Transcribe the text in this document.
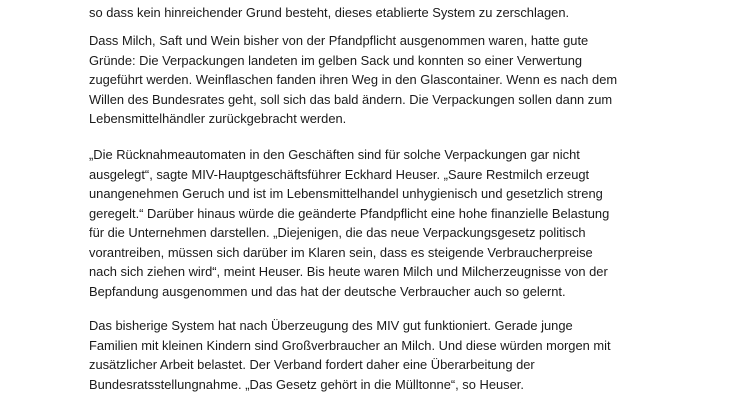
so dass kein hinreichender Grund besteht, dieses etablierte System zu zerschlagen.
Dass Milch, Saft und Wein bisher von der Pfandpflicht ausgenommen waren, hatte gute
Gründe: Die Verpackungen landeten im gelben Sack und konnten so einer Verwertung
zugeführt werden. Weinflaschen fanden ihren Weg in den Glascontainer. Wenn es nach dem
Willen des Bundesrates geht, soll sich das bald ändern. Die Verpackungen sollen dann zum
Lebensmittelhändler zurückgebracht werden.
„Die Rücknahmeautomaten in den Geschäften sind für solche Verpackungen gar nicht
ausgelegt“, sagte MIV-Hauptgeschäftsführer Eckhard Heuser. „Saure Restmilch erzeugt
unangenehmen Geruch und ist im Lebensmittelhandel unhygienisch und gesetzlich streng
geregelt.“ Darüber hinaus würde die geänderte Pfandpflicht eine hohe finanzielle Belastung
für die Unternehmen darstellen. „Diejenigen, die das neue Verpackungsgesetz politisch
vorantreiben, müssen sich darüber im Klaren sein, dass es steigende Verbraucherpreise
nach sich ziehen wird“, meint Heuser. Bis heute waren Milch und Milcherzeugnisse von der
Bepfandung ausgenommen und das hat der deutsche Verbraucher auch so gelernt.
Das bisherige System hat nach Überzeugung des MIV gut funktioniert. Gerade junge
Familien mit kleinen Kindern sind Großverbraucher an Milch. Und diese würden morgen mit
zusätzlicher Arbeit belastet. Der Verband fordert daher eine Überarbeitung der
Bundesratsstellungnahme. „Das Gesetz gehört in die Mülltonne“, so Heuser.
